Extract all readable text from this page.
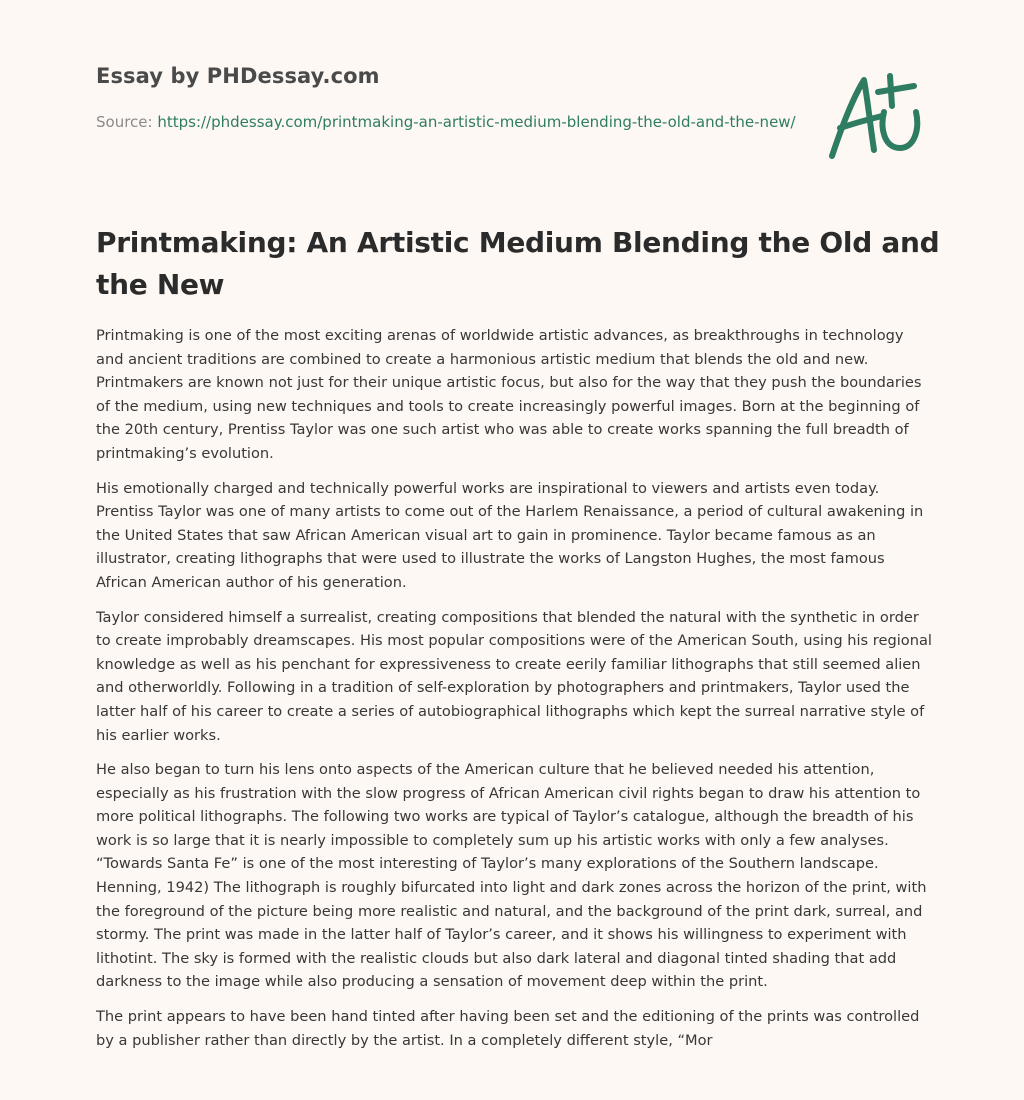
Essay by PHDessay.com
Source: https://phdessay.com/printmaking-an-artistic-medium-blending-the-old-and-the-new/
Printmaking: An Artistic Medium Blending the Old and the New

Printmaking is one of the most exciting arenas of worldwide artistic advances, as breakthroughs in technology and ancient traditions are combined to create a harmonious artistic medium that blends the old and new. Printmakers are known not just for their unique artistic focus, but also for the way that they push the boundaries of the medium, using new techniques and tools to create increasingly powerful images. Born at the beginning of the 20th century, Prentiss Taylor was one such artist who was able to create works spanning the full breadth of printmaking’s evolution.

His emotionally charged and technically powerful works are inspirational to viewers and artists even today. Prentiss Taylor was one of many artists to come out of the Harlem Renaissance, a period of cultural awakening in the United States that saw African American visual art to gain in prominence. Taylor became famous as an illustrator, creating lithographs that were used to illustrate the works of Langston Hughes, the most famous African American author of his generation.

Taylor considered himself a surrealist, creating compositions that blended the natural with the synthetic in order to create improbably dreamscapes. His most popular compositions were of the American South, using his regional knowledge as well as his penchant for expressiveness to create eerily familiar lithographs that still seemed alien and otherworldly. Following in a tradition of self-exploration by photographers and printmakers, Taylor used the latter half of his career to create a series of autobiographical lithographs which kept the surreal narrative style of his earlier works.

He also began to turn his lens onto aspects of the American culture that he believed needed his attention, especially as his frustration with the slow progress of African American civil rights began to draw his attention to more political lithographs. The following two works are typical of Taylor’s catalogue, although the breadth of his work is so large that it is nearly impossible to completely sum up his artistic works with only a few analyses. “Towards Santa Fe” is one of the most interesting of Taylor’s many explorations of the Southern landscape. Henning, 1942) The lithograph is roughly bifurcated into light and dark zones across the horizon of the print, with the foreground of the picture being more realistic and natural, and the background of the print dark, surreal, and stormy. The print was made in the latter half of Taylor’s career, and it shows his willingness to experiment with lithotint. The sky is formed with the realistic clouds but also dark lateral and diagonal tinted shading that add darkness to the image while also producing a sensation of movement deep within the print.

The print appears to have been hand tinted after having been set and the editioning of the prints was controlled by a publisher rather than directly by the artist. In a completely different style, “Mor
